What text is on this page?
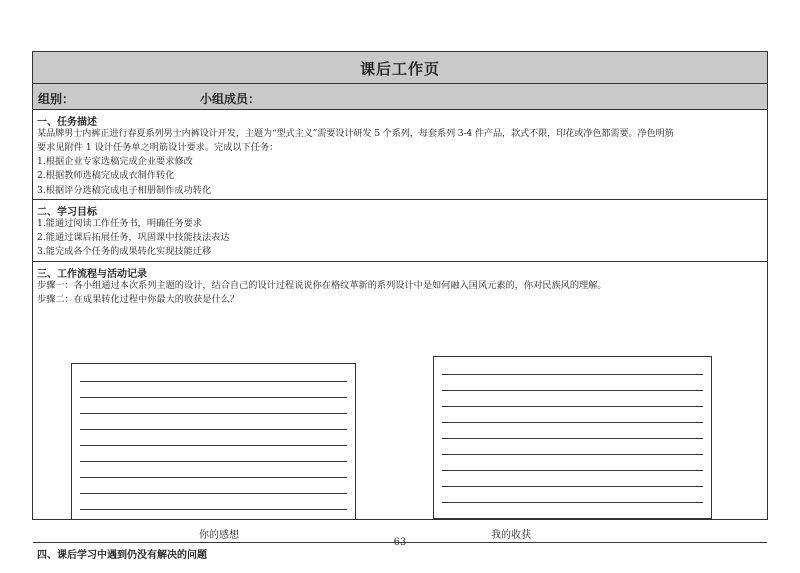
课后工作页
组别：	小组成员：
一、任务描述
某品牌男士内裤正进行春夏系列男士内裤设计开发，主题为“型式主义”需要设计研发 5 个系列，每套系列 3-4 件产品，款式不限，印花或净色都需要。净色明筋
要求见附件 1 设计任务单之明筋设计要求。完成以下任务：
1.根据企业专家选稿完成企业要求修改
2.根据教师选稿完成成衣制作转化
3.根据评分选稿完成电子相册制作成功转化
二、学习目标
1.能通过阅读工作任务书，明确任务要求
2.能通过课后拓展任务，巩固课中技能技法表达
3.能完成各个任务的成果转化实现技能迁移
三、工作流程与活动记录
步骤一：各小组通过本次系列主题的设计，结合自己的设计过程说说你在格纹革新的系列设计中是如何融入国风元素的，你对民族风的理解。
步骤二：在成果转化过程中你最大的收获是什么？
你的感想	我的收获
四、课后学习中遇到仍没有解决的问题
63
